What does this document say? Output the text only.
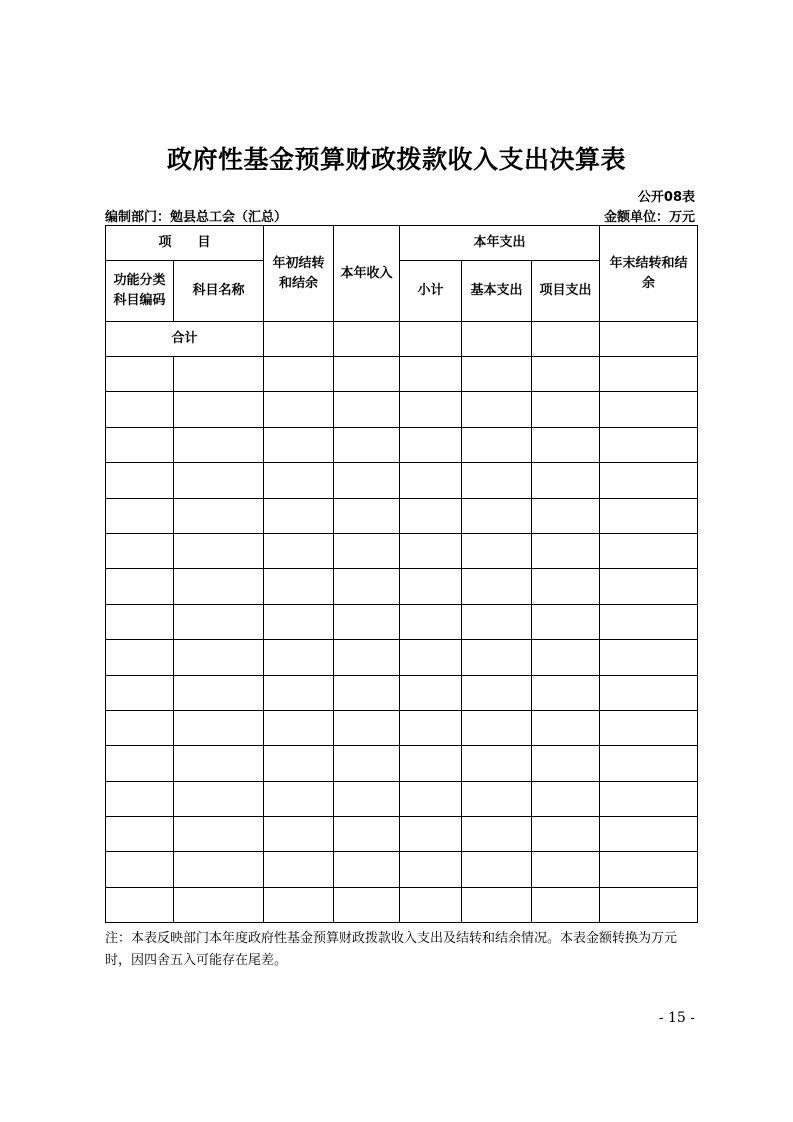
政府性基金预算财政拨款收入支出决算表
公开08表
编制部门：勉县总工会（汇总）	金额单位：万元
项　　目		年初结转和结余	本年收入	本年支出			年末结转和结余
功能分类科目编码	科目名称			小计	基本支出	项目支出	
合计							

注：本表反映部门本年度政府性基金预算财政拨款收入支出及结转和结余情况。本表金额转换为万元时，因四舍五入可能存在尾差。
- 15 -
